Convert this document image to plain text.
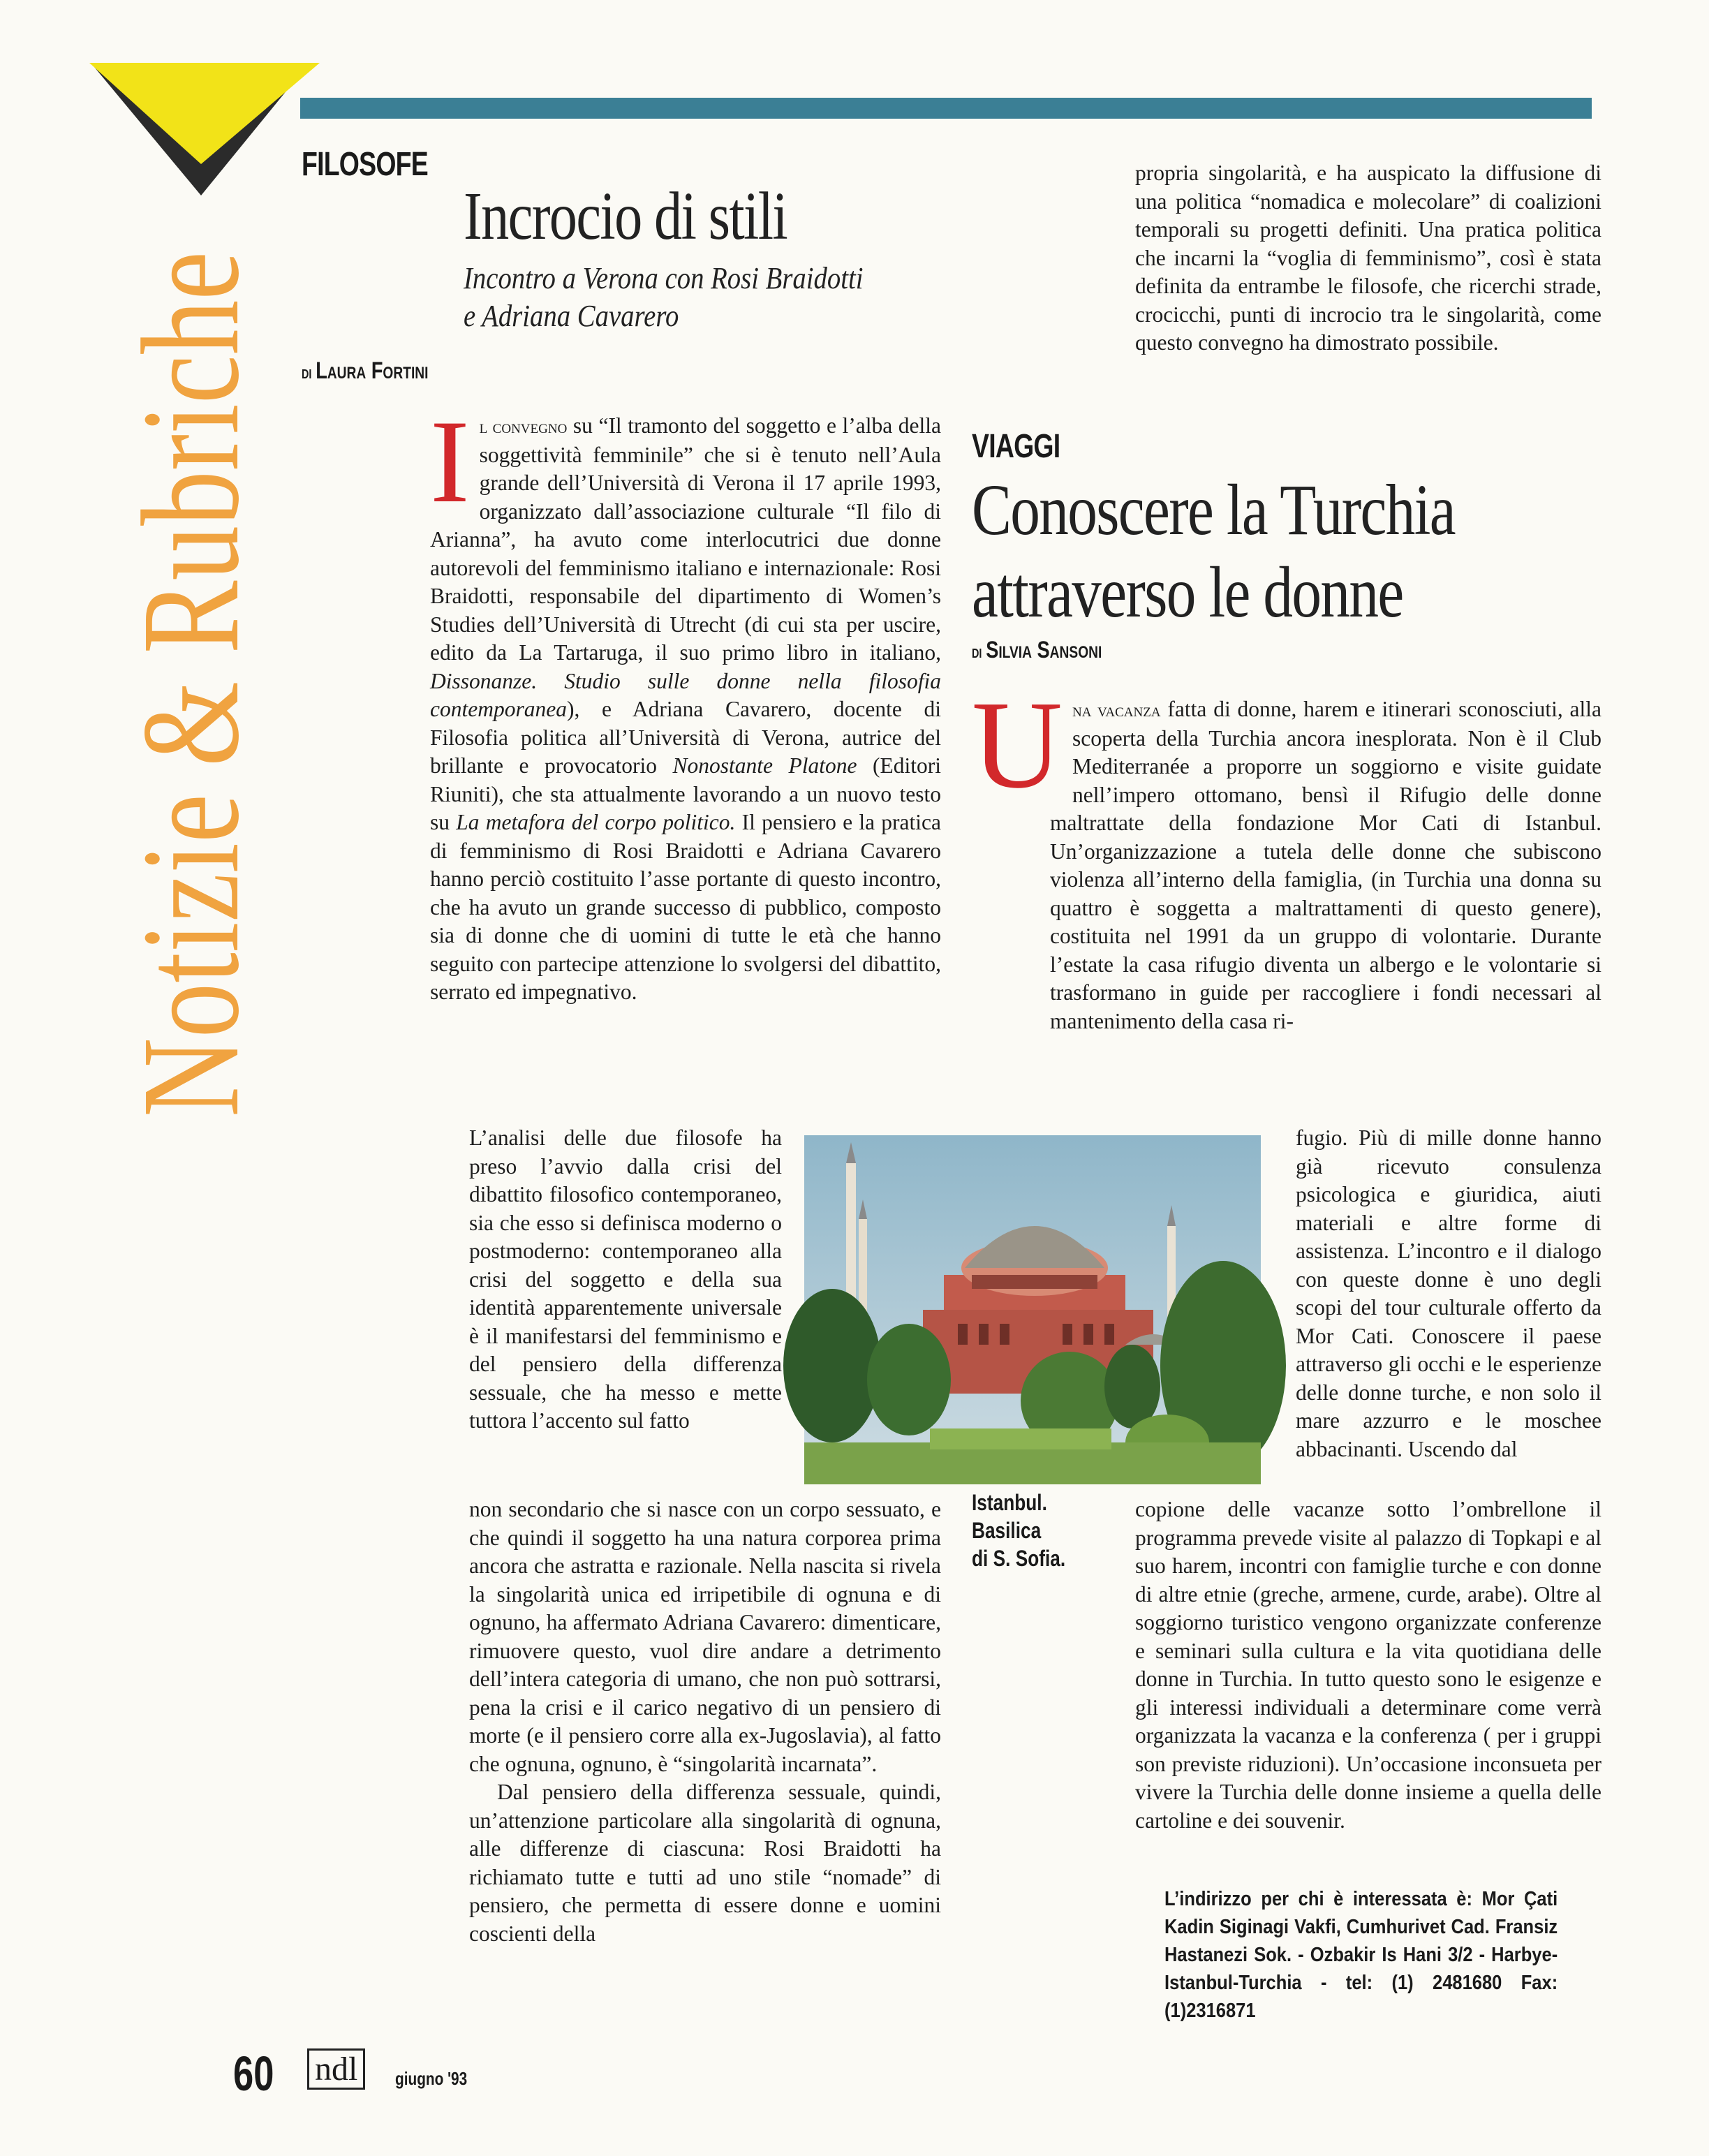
Notizie & Rubriche FILOSOFE
Incrocio di stili
Incontro a Verona con Rosi Braidotti
e Adriana Cavarero
di Laura Fortini

I l convegno su “Il tramonto del soggetto e l’alba della soggettività femminile” che si è tenuto nell’Aula grande dell’Università di Verona il 17 aprile 1993, organizzato dall’associazione culturale “Il filo di Arianna”, ha avuto come interlocutrici due donne autorevoli del femminismo italiano e internazionale: Rosi Braidotti, responsabile del dipartimento di Women’s Studies dell’Università di Utrecht (di cui sta per uscire, edito da La Tartaruga, il suo primo libro in italiano, Dissonanze. Studio sulle donne nella filosofia contemporanea), e Adriana Cavarero, docente di Filosofia politica all’Università di Verona, autrice del brillante e provocatorio Nonostante Platone (Editori Riuniti), che sta attualmente lavorando a un nuovo testo su La metafora del corpo politico. Il pensiero e la pratica di femminismo di Rosi Braidotti e Adriana Cavarero hanno perciò costituito l’asse portante di questo incontro, che ha avuto un grande successo di pubblico, composto sia di donne che di uomini di tutte le età che hanno seguito con partecipe attenzione lo svolgersi del dibattito, serrato ed impegnativo.

L’analisi delle due filosofe ha preso l’avvio dalla crisi del dibattito filosofico contemporaneo, sia che esso si definisca moderno o postmoderno: contemporaneo alla crisi del soggetto e della sua identità apparentemente universale è il manifestarsi del femminismo e del pensiero della differenza sessuale, che ha messo e mette tuttora l’accento sul fatto

non secondario che si nasce con un corpo sessuato, e che quindi il soggetto ha una natura corporea prima ancora che astratta e razionale. Nella nascita si rivela la singolarità unica ed irripetibile di ognuna e di ognuno, ha affermato Adriana Cavarero: dimenticare, rimuovere questo, vuol dire andare a detrimento dell’intera categoria di umano, che non può sottrarsi, pena la crisi e il carico negativo di un pensiero di morte (e il pensiero corre alla ex-Jugoslavia), al fatto che ognuna, ognuno, è “singolarità incarnata”.

Dal pensiero della differenza sessuale, quindi, un’attenzione particolare alla singolarità di ognuna, alle differenze di ciascuna: Rosi Braidotti ha richiamato tutte e tutti ad uno stile “nomade” di pensiero, che permetta di essere donne e uomini coscienti della

propria singolarità, e ha auspicato la diffusione di una politica “nomadica e molecolare” di coalizioni temporali su progetti definiti. Una pratica politica che incarni la “voglia di femminismo”, così è stata definita da entrambe le filosofe, che ricerchi strade, crocicchi, punti di incrocio tra le singolarità, come questo convegno ha dimostrato possibile.

VIAGGI
Conoscere la Turchia
attraverso le donne
di Silvia Sansoni

U na vacanza fatta di donne, harem e itinerari sconosciuti, alla scoperta della Turchia ancora inesplorata. Non è il Club Mediterranée a proporre un soggiorno e visite guidate nell’impero ottomano, bensì il Rifugio delle donne maltrattate della fondazione Mor Cati di Istanbul. Un’organizzazione a tutela delle donne che subiscono violenza all’interno della famiglia, (in Turchia una donna su quattro è soggetta a maltrattamenti di questo genere), costituita nel 1991 da un gruppo di volontarie. Durante l’estate la casa rifugio diventa un albergo e le volontarie si trasformano in guide per raccogliere i fondi necessari al mantenimento della casa ri-

fugio. Più di mille donne hanno già ricevuto consulenza psicologica e giuridica, aiuti materiali e altre forme di assistenza. L’incontro e il dialogo con queste donne è uno degli scopi del tour culturale offerto da Mor Cati. Conoscere il paese attraverso gli occhi e le esperienze delle donne turche, e non solo il mare azzurro e le moschee abbacinanti. Uscendo dal

copione delle vacanze sotto l’ombrellone il programma prevede visite al palazzo di Topkapi e al suo harem, incontri con famiglie turche e con donne di altre etnie (greche, armene, curde, arabe). Oltre al soggiorno turistico vengono organizzate conferenze e seminari sulla cultura e la vita quotidiana delle donne in Turchia. In tutto questo sono le esigenze e gli interessi individuali a determinare come verrà organizzata la vacanza e la conferenza ( per i gruppi son previste riduzioni). Un’occasione inconsueta per vivere la Turchia delle donne insieme a quella delle cartoline e dei souvenir.

L’indirizzo per chi è interessata è: Mor Çati Kadin Siginagi Vakfi, Cumhurivet Cad. Fransiz Hastanezi Sok. - Ozbakir Is Hani 3/2 - Harbye- Istanbul-Turchia - tel: (1) 2481680 Fax: (1)2316871
Istanbul.
Basilica
di S. Sofia.
60 ndl	giugno '93
